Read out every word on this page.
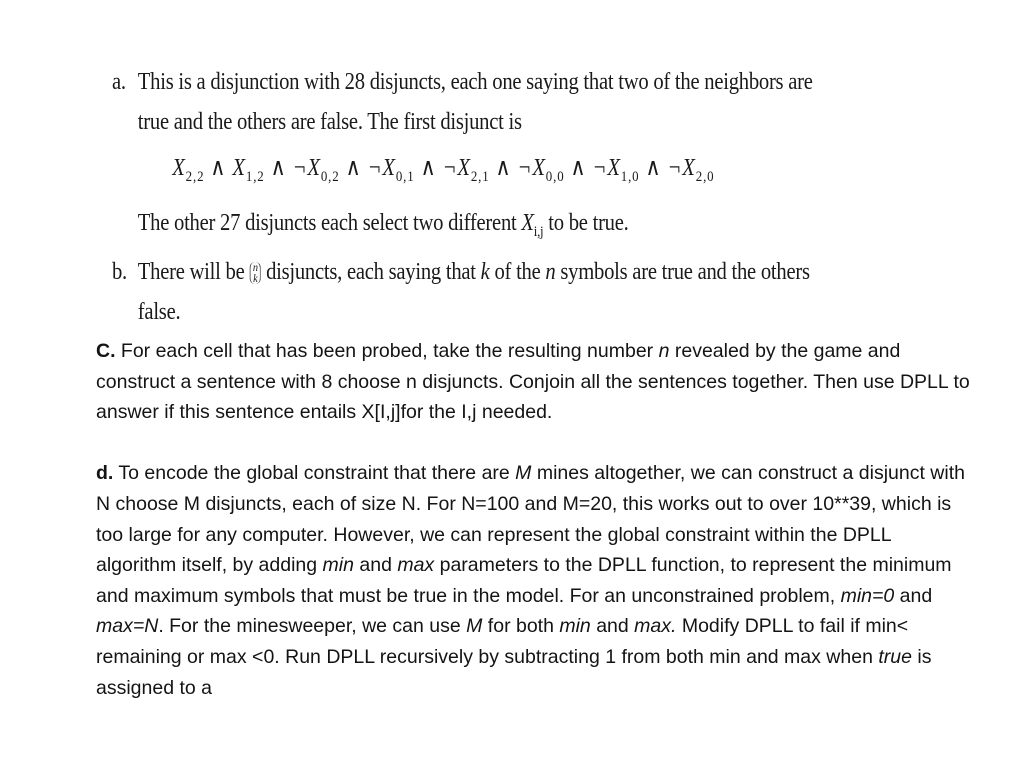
a. This is a disjunction with 28 disjuncts, each one saying that two of the neighbors are true and the others are false. The first disjunct is
$X_{2,2}$ ∧ $X_{1,2}$ ∧ $\neg X_{0,2}$ ∧ $\neg X_{0,1}$ ∧ $\neg X_{2,1}$ ∧ $\neg X_{0,0}$ ∧ $\neg X_{1,0}$ ∧ $\neg X_{2,0}$
The other 27 disjuncts each select two different $X_{i,j}$ to be true.
b. There will be n
k disjuncts, each saying that k of the n symbols are true and the others false.

C. For each cell that has been probed, take the resulting number n revealed by the game and construct a sentence with 8 choose n disjuncts. Conjoin all the sentences together. Then use DPLL to answer if this sentence entails X[I,j]for the I,j needed.

d. To encode the global constraint that there are M mines altogether, we can construct a disjunct with N choose M disjuncts, each of size N. For N=100 and M=20, this works out to over 10**39, which is too large for any computer. However, we can represent the global constraint within the DPLL algorithm itself, by adding min and max parameters to the DPLL function, to represent the minimum and maximum symbols that must be true in the model. For an unconstrained problem, min=0 and max=N. For the minesweeper, we can use M for both min and max. Modify DPLL to fail if min< remaining or max <0. Run DPLL recursively by subtracting 1 from both min and max when true is assigned to a
